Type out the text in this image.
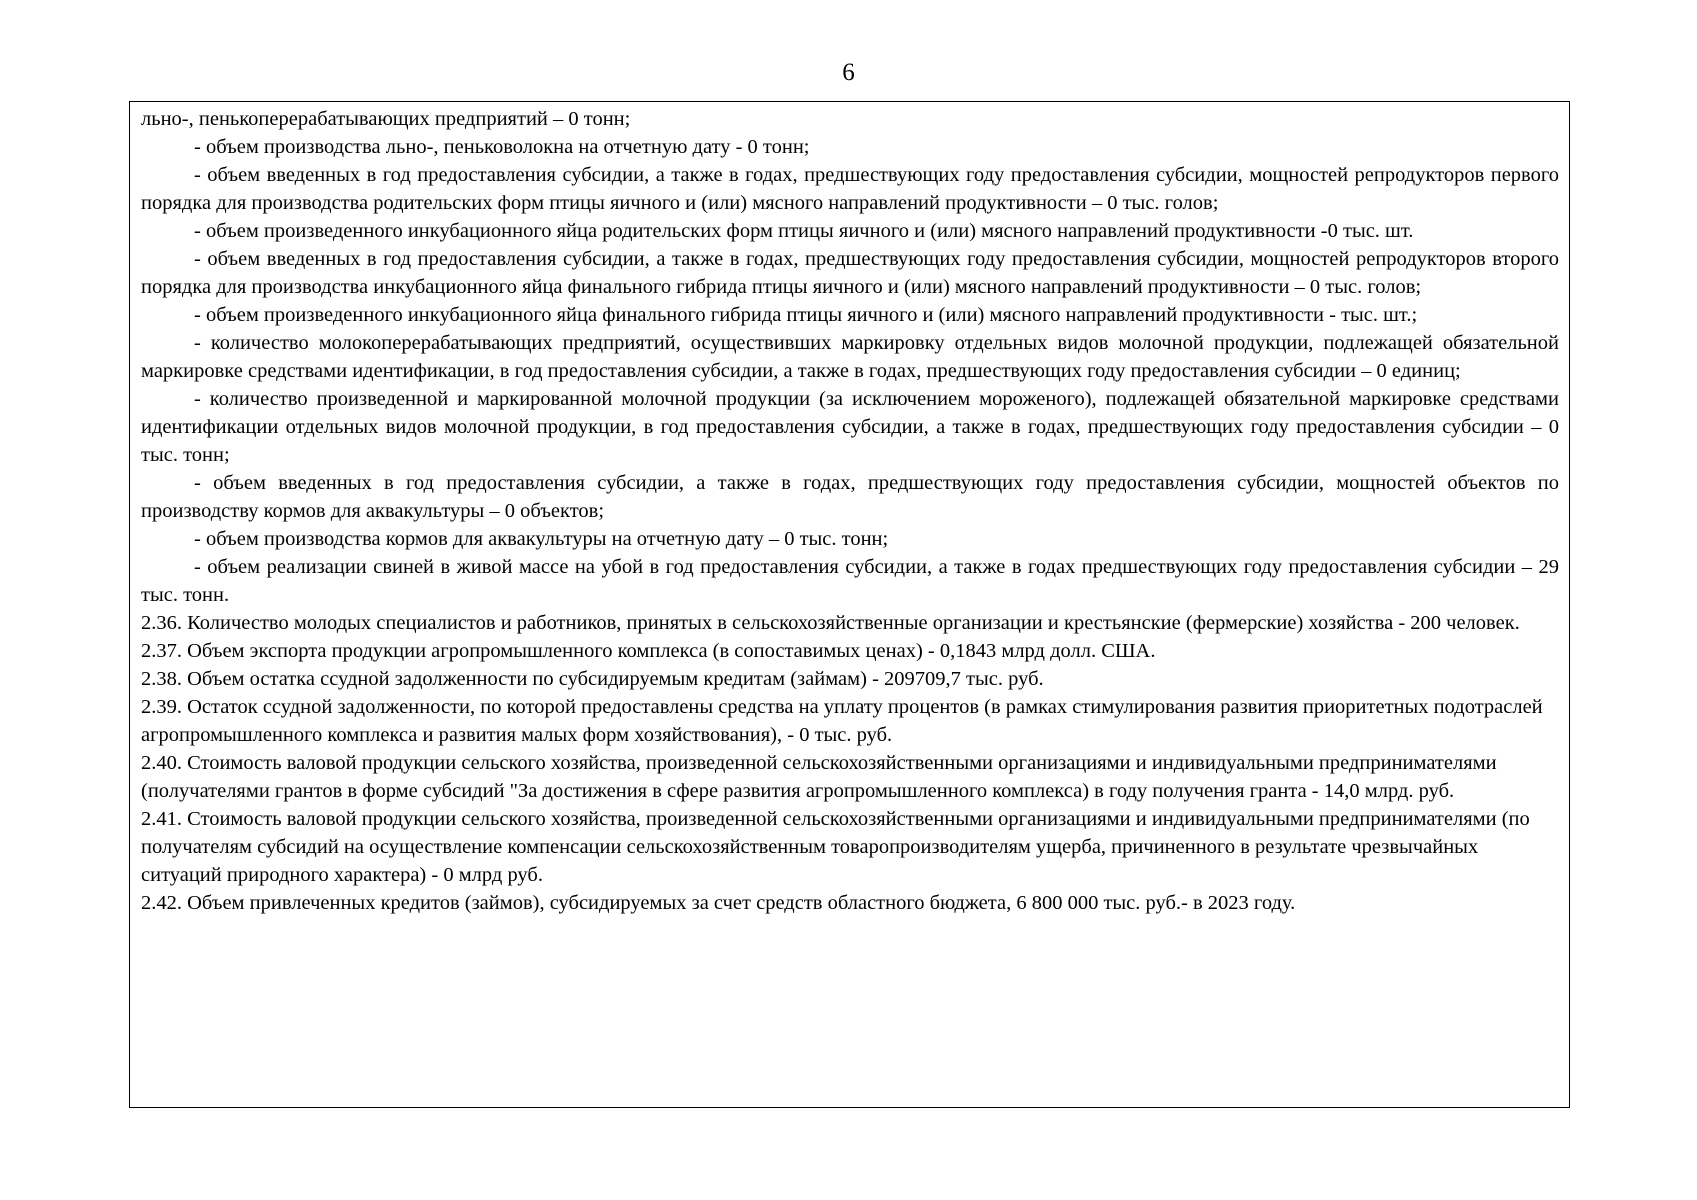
6

льно-, пенькоперерабатывающих предприятий – 0 тонн;

- объем производства льно-, пеньковолокна на отчетную дату - 0 тонн;

- объем введенных в год предоставления субсидии, а также в годах, предшествующих году предоставления субсидии, мощностей репродукторов первого порядка для производства родительских форм птицы яичного и (или) мясного направлений продуктивности – 0 тыс. голов;

- объем произведенного инкубационного яйца родительских форм птицы яичного и (или) мясного направлений продуктивности -0 тыс. шт.

- объем введенных в год предоставления субсидии, а также в годах, предшествующих году предоставления субсидии, мощностей репродукторов второго порядка для производства инкубационного яйца финального гибрида птицы яичного и (или) мясного направлений продуктивности – 0 тыс. голов;

- объем произведенного инкубационного яйца финального гибрида птицы яичного и (или) мясного направлений продуктивности - тыс. шт.;

- количество молокоперерабатывающих предприятий, осуществивших маркировку отдельных видов молочной продукции, подлежащей обязательной маркировке средствами идентификации, в год предоставления субсидии, а также в годах, предшествующих году предоставления субсидии – 0 единиц;

- количество произведенной и маркированной молочной продукции (за исключением мороженого), подлежащей обязательной маркировке средствами идентификации отдельных видов молочной продукции, в год предоставления субсидии, а также в годах, предшествующих году предоставления субсидии – 0 тыс. тонн;

- объем введенных в год предоставления субсидии, а также в годах, предшествующих году предоставления субсидии, мощностей объектов по производству кормов для аквакультуры – 0 объектов;

- объем производства кормов для аквакультуры на отчетную дату – 0 тыс. тонн;

- объем реализации свиней в живой массе на убой в год предоставления субсидии, а также в годах предшествующих году предоставления субсидии – 29 тыс. тонн.

2.36. Количество молодых специалистов и работников, принятых в сельскохозяйственные организации и крестьянские (фермерские) хозяйства - 200 человек.

2.37. Объем экспорта продукции агропромышленного комплекса (в сопоставимых ценах) - 0,1843 млрд долл. США.

2.38. Объем остатка ссудной задолженности по субсидируемым кредитам (займам) - 209709,7 тыс. руб.

2.39. Остаток ссудной задолженности, по которой предоставлены средства на уплату процентов (в рамках стимулирования развития приоритетных подотраслей агропромышленного комплекса и развития малых форм хозяйствования), - 0 тыс. руб.

2.40. Стоимость валовой продукции сельского хозяйства, произведенной сельскохозяйственными организациями и индивидуальными предпринимателями (получателями грантов в форме субсидий "За достижения в сфере развития агропромышленного комплекса) в году получения гранта - 14,0 млрд. руб.

2.41. Стоимость валовой продукции сельского хозяйства, произведенной сельскохозяйственными организациями и индивидуальными предпринимателями (по получателям субсидий на осуществление компенсации сельскохозяйственным товаропроизводителям ущерба, причиненного в результате чрезвычайных ситуаций природного характера) - 0 млрд руб.

2.42. Объем привлеченных кредитов (займов), субсидируемых за счет средств областного бюджета, 6 800 000 тыс. руб.- в 2023 году.
